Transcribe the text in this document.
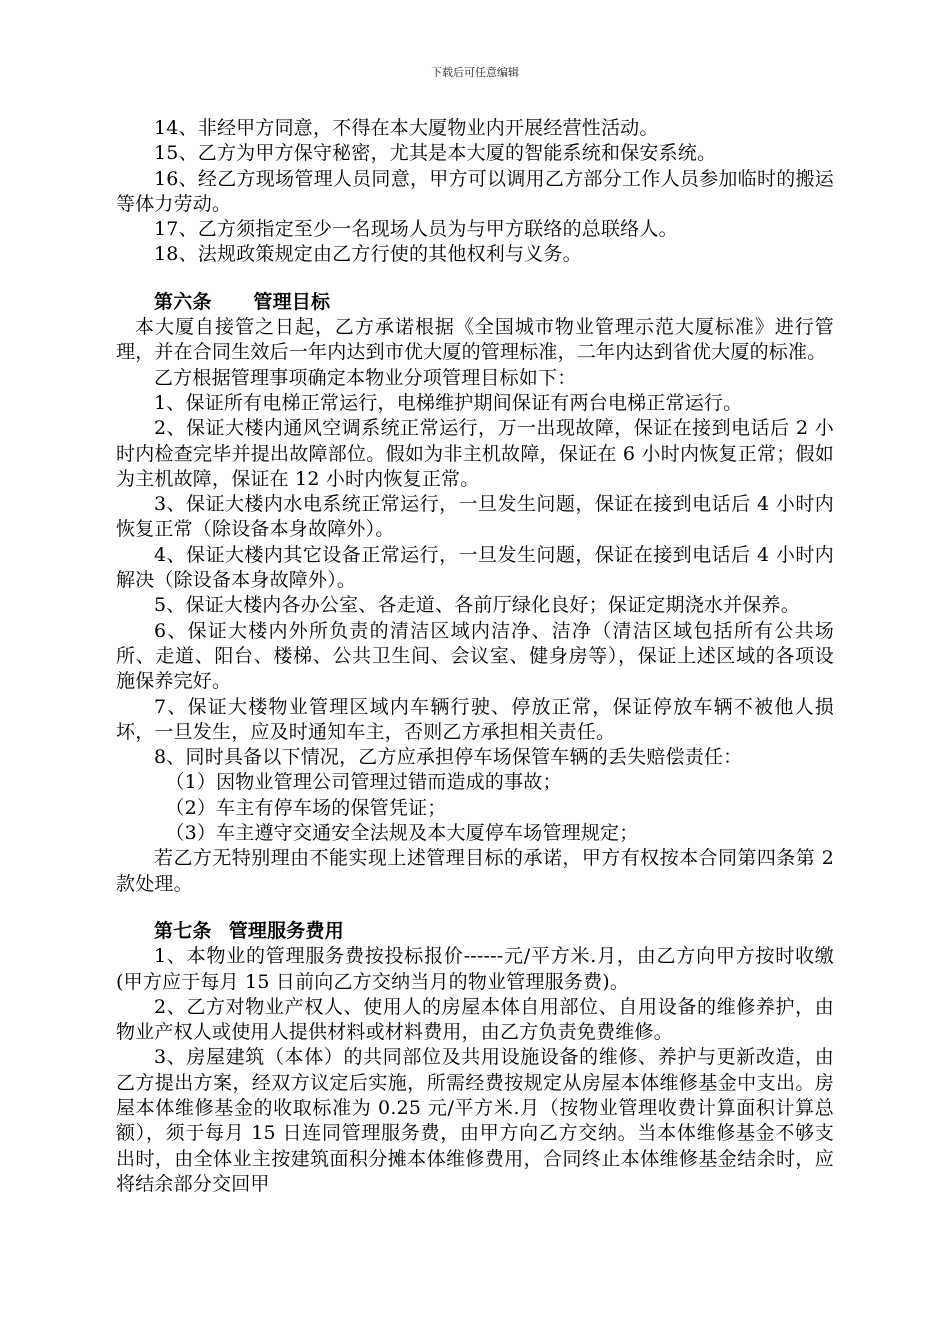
下载后可任意编辑

14、非经甲方同意，不得在本大厦物业内开展经营性活动。

15、乙方为甲方保守秘密，尤其是本大厦的智能系统和保安系统。

16、经乙方现场管理人员同意，甲方可以调用乙方部分工作人员参加临时的搬运等体力劳动。

17、乙方须指定至少一名现场人员为与甲方联络的总联络人。

18、法规政策规定由乙方行使的其他权利与义务。

第六条 管理目标

本大厦自接管之日起，乙方承诺根据《全国城市物业管理示范大厦标准》进行管理，并在合同生效后一年内达到市优大厦的管理标准，二年内达到省优大厦的标准。

乙方根据管理事项确定本物业分项管理目标如下：

1、保证所有电梯正常运行，电梯维护期间保证有两台电梯正常运行。

2、保证大楼内通风空调系统正常运行，万一出现故障，保证在接到电话后 2 小时内检查完毕并提出故障部位。假如为非主机故障，保证在 6 小时内恢复正常；假如为主机故障，保证在 12 小时内恢复正常。

3、保证大楼内水电系统正常运行，一旦发生问题，保证在接到电话后 4 小时内恢复正常（除设备本身故障外）。

4、保证大楼内其它设备正常运行，一旦发生问题，保证在接到电话后 4 小时内解决（除设备本身故障外）。

5、保证大楼内各办公室、各走道、各前厅绿化良好；保证定期浇水并保养。

6、保证大楼内外所负责的清洁区域内洁净、洁净（清洁区域包括所有公共场所、走道、阳台、楼梯、公共卫生间、会议室、健身房等），保证上述区域的各项设施保养完好。

7、保证大楼物业管理区域内车辆行驶、停放正常，保证停放车辆不被他人损坏，一旦发生，应及时通知车主，否则乙方承担相关责任。

8、同时具备以下情况，乙方应承担停车场保管车辆的丢失赔偿责任：

（1）因物业管理公司管理过错而造成的事故；

（2）车主有停车场的保管凭证；

（3）车主遵守交通安全法规及本大厦停车场管理规定；

若乙方无特别理由不能实现上述管理目标的承诺，甲方有权按本合同第四条第 2 款处理。

第七条 管理服务费用

1、本物业的管理服务费按投标报价------元/平方米.月，由乙方向甲方按时收缴(甲方应于每月 15 日前向乙方交纳当月的物业管理服务费)。

2、乙方对物业产权人、使用人的房屋本体自用部位、自用设备的维修养护，由物业产权人或使用人提供材料或材料费用，由乙方负责免费维修。

3、房屋建筑（本体）的共同部位及共用设施设备的维修、养护与更新改造，由乙方提出方案，经双方议定后实施，所需经费按规定从房屋本体维修基金中支出。房屋本体维修基金的收取标准为 0.25 元/平方米.月（按物业管理收费计算面积计算总额），须于每月 15 日连同管理服务费，由甲方向乙方交纳。当本体维修基金不够支出时，由全体业主按建筑面积分摊本体维修费用，合同终止本体维修基金结余时，应将结余部分交回甲
